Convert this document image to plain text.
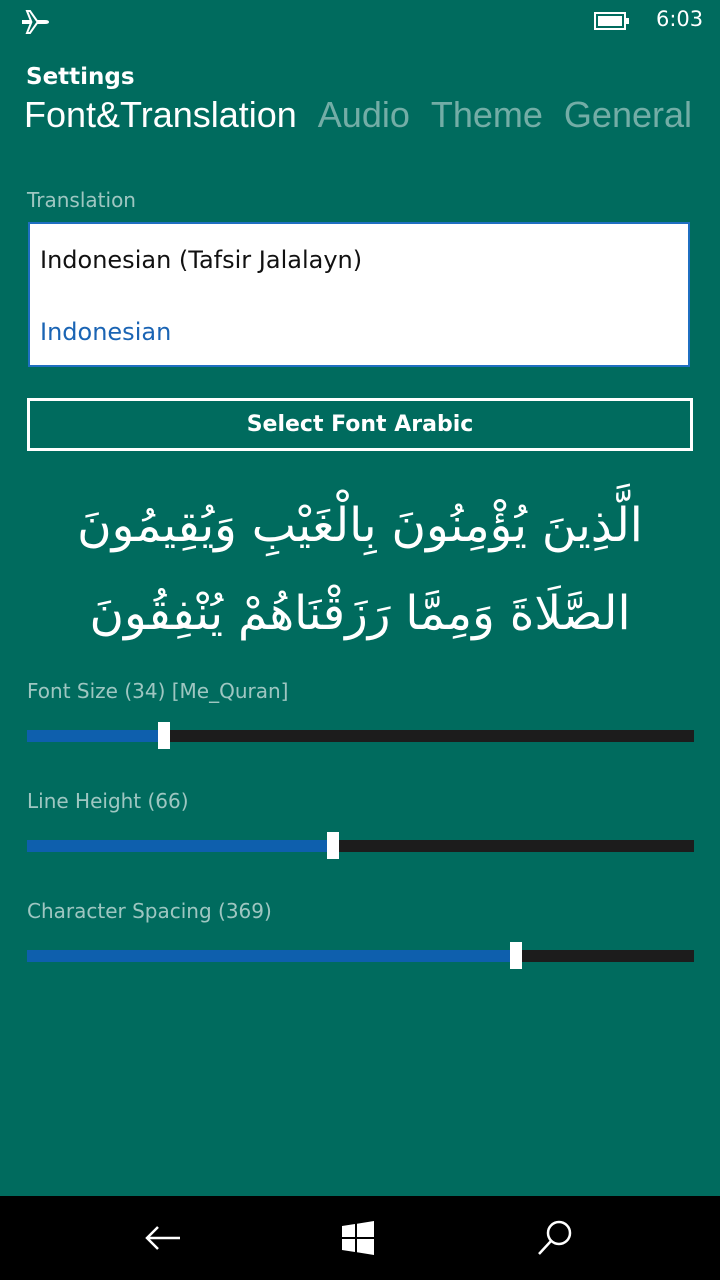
6:03
Settings
Font&Translation Audio Theme General
Translation
Indonesian (Tafsir Jalalayn)
Indonesian
Select Font Arabic
الَّذِينَ يُؤْمِنُونَ بِالْغَيْبِ وَيُقِيمُونَ
الصَّلَاةَ وَمِمَّا رَزَقْنَاهُمْ يُنْفِقُونَ
Font Size (34) [Me_Quran]
Line Height (66)
Character Spacing (369)
